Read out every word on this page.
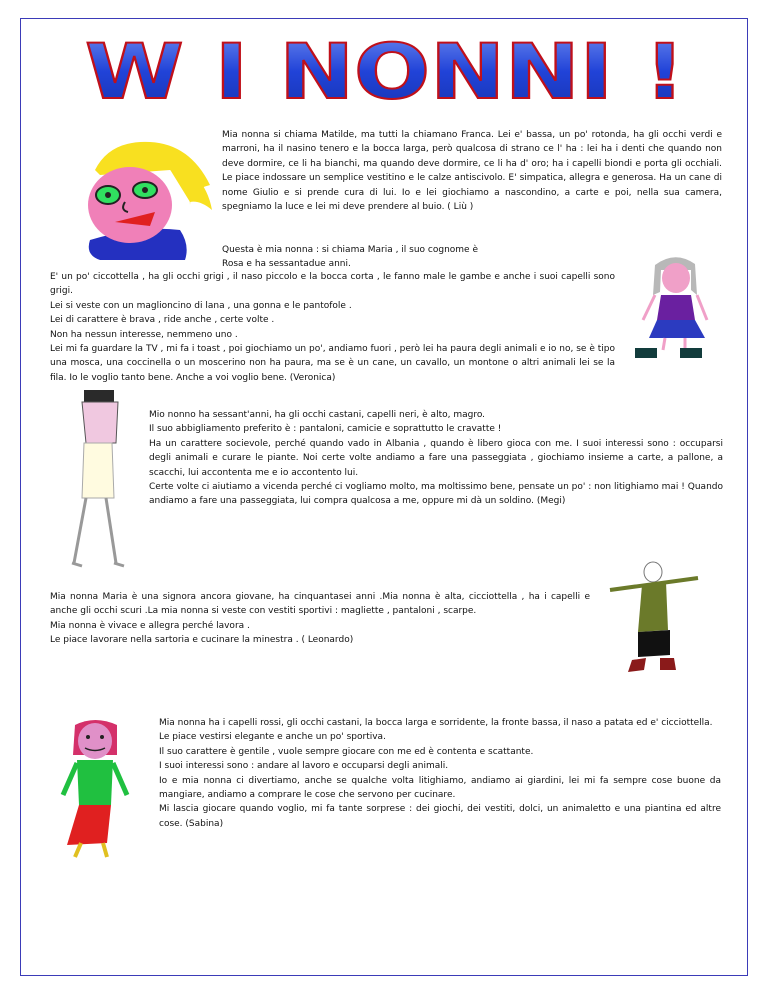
W I NONNI !

Mia nonna si chiama Matilde, ma tutti la chiamano Franca. Lei e' bassa, un po' rotonda, ha gli occhi verdi e marroni, ha il nasino tenero e la bocca larga, però qualcosa di strano ce l' ha : lei ha i denti che quando non deve dormire, ce li ha bianchi, ma quando deve dormire, ce li ha d' oro; ha i capelli biondi e porta gli occhiali. Le piace indossare un semplice vestitino e le calze antiscivolo. E' simpatica, allegra e generosa. Ha un cane di nome Giulio e si prende cura di lui. Io e lei giochiamo a nascondino, a carte e poi, nella sua camera, spegniamo la luce e lei mi deve prendere al buio. ( Liù )

Questa è mia nonna : si chiama Maria , il suo cognome è Rosa e ha sessantadue anni.

E' un po' ciccottella , ha gli occhi grigi , il naso piccolo e la bocca corta , le fanno male le gambe e anche i suoi capelli sono grigi.

Lei si veste con un maglioncino di lana , una gonna e le pantofole .

Lei di carattere è brava , ride anche , certe volte .

Non ha nessun interesse, nemmeno uno .

Lei mi fa guardare la TV , mi fa i toast , poi giochiamo un po', andiamo fuori , però lei ha paura degli animali e io no, se è tipo una mosca, una coccinella o un moscerino non ha paura, ma se è un cane, un cavallo, un montone o altri animali lei se la fila. Io le voglio tanto bene. Anche a voi voglio bene. (Veronica)

Mio nonno ha sessant'anni, ha gli occhi castani, capelli neri, è alto, magro.

Il suo abbigliamento preferito è : pantaloni, camicie e soprattutto le cravatte !

Ha un carattere socievole, perché quando vado in Albania , quando è libero gioca con me. I suoi interessi sono : occuparsi degli animali e curare le piante. Noi certe volte andiamo a fare una passeggiata , giochiamo insieme a carte, a pallone, a scacchi, lui accontenta me e io accontento lui.

Certe volte ci aiutiamo a vicenda perché ci vogliamo molto, ma moltissimo bene, pensate un po' : non litighiamo mai ! Quando andiamo a fare una passeggiata, lui compra qualcosa a me, oppure mi dà un soldino. (Megi)

Mia nonna Maria è una signora ancora giovane, ha cinquantasei anni .Mia nonna è alta, cicciottella , ha i capelli e anche gli occhi scuri .La mia nonna si veste con vestiti sportivi : magliette , pantaloni , scarpe.

Mia nonna è vivace e allegra perché lavora .

Le piace lavorare nella sartoria e cucinare la minestra . ( Leonardo)

Mia nonna ha i capelli rossi, gli occhi castani, la bocca larga e sorridente, la fronte bassa, il naso a patata ed e' cicciottella.

Le piace vestirsi elegante e anche un po' sportiva.

Il suo carattere è gentile , vuole sempre giocare con me ed è contenta e scattante.

I suoi interessi sono : andare al lavoro e occuparsi degli animali.

Io e mia nonna ci divertiamo, anche se qualche volta litighiamo, andiamo ai giardini, lei mi fa sempre cose buone da mangiare, andiamo a comprare le cose che servono per cucinare.

Mi lascia giocare quando voglio, mi fa tante sorprese : dei giochi, dei vestiti, dolci, un animaletto e una piantina ed altre cose. (Sabina)
